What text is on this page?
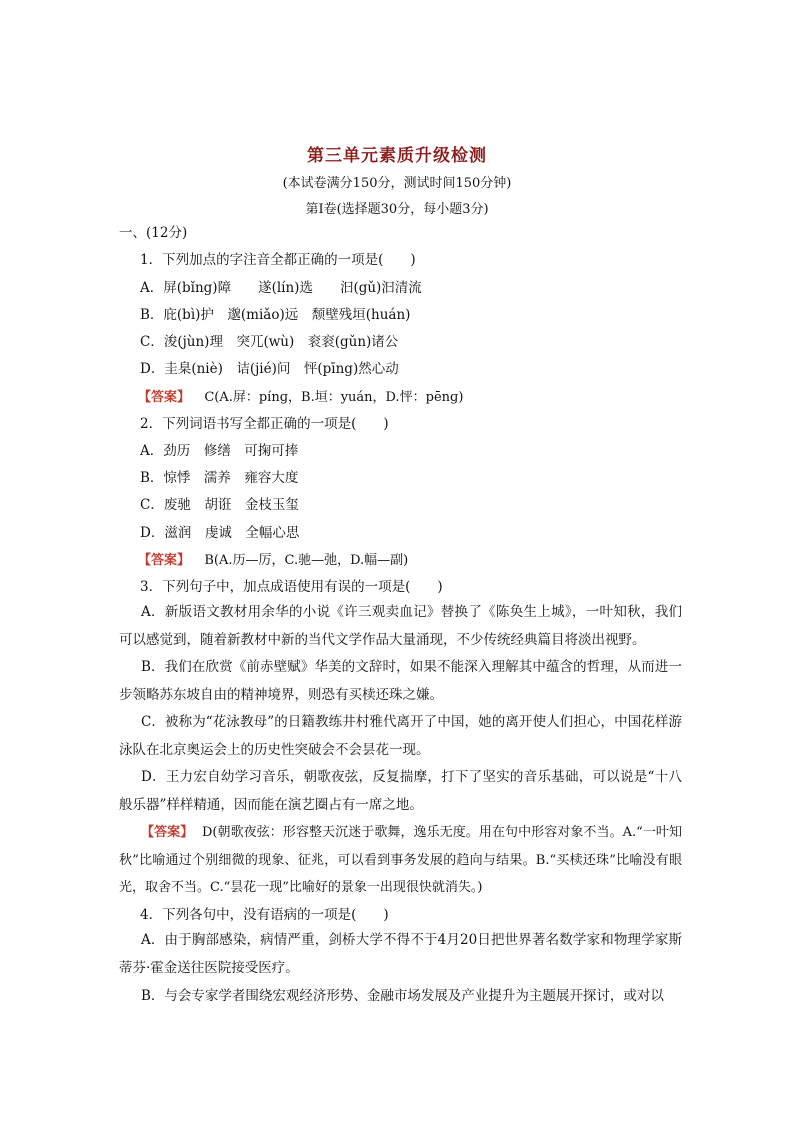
第三单元素质升级检测
(本试卷满分150分，测试时间150分钟)
第Ⅰ卷(选择题30分，每小题3分)
一、(12分)
1．下列加点的字注音全都正确的一项是(　　)
A．屏(bǐng)障　　遂(lín)选　　汩(gǔ)汩清流
B．庇(bì)护　邈(miǎo)远　颓壁残垣(huán)
C．浚(jùn)理　突兀(wù)　衮衮(gǔn)诸公
D．圭臬(niè)　诘(jié)问　怦(pīng)然心动
【答案】 C(A.屏：pínɡ，B.垣：yuán，D.怦：pēnɡ)
2．下列词语书写全都正确的一项是(　　)
A．劲历　修缮　可掬可捧
B．惊悸　濡养　雍容大度
C．废驰　胡诳　金枝玉玺
D．滋润　虔诚　全幅心思
【答案】 B(A.历—厉，C.驰—弛，D.幅—副)
3．下列句子中，加点成语使用有误的一项是(　　)
A．新版语文教材用余华的小说《许三观卖血记》替换了《陈奂生上城》，一叶知秋，我们可以感觉到，随着新教材中新的当代文学作品大量涌现，不少传统经典篇目将淡出视野。
B．我们在欣赏《前赤壁赋》华美的文辞时，如果不能深入理解其中蕴含的哲理，从而进一步领略苏东坡自由的精神境界，则恐有买椟还珠之嫌。
C．被称为“花泳教母”的日籍教练井村雅代离开了中国，她的离开使人们担心，中国花样游泳队在北京奥运会上的历史性突破会不会昙花一现。
D．王力宏自幼学习音乐，朝歌夜弦，反复揣摩，打下了坚实的音乐基础，可以说是“十八般乐器”样样精通，因而能在演艺圈占有一席之地。
【答案】 D(朝歌夜弦：形容整天沉迷于歌舞，逸乐无度。用在句中形容对象不当。A.“一叶知秋”比喻通过个别细微的现象、征兆，可以看到事务发展的趋向与结果。B.“买椟还珠”比喻没有眼光，取舍不当。C.“昙花一现”比喻好的景象一出现很快就消失。)
4．下列各句中，没有语病的一项是(　　)
A．由于胸部感染，病情严重，剑桥大学不得不于4月20日把世界著名数学家和物理学家斯蒂芬·霍金送往医院接受医疗。
B．与会专家学者围绕宏观经济形势、金融市场发展及产业提升为主题展开探讨，或对以
